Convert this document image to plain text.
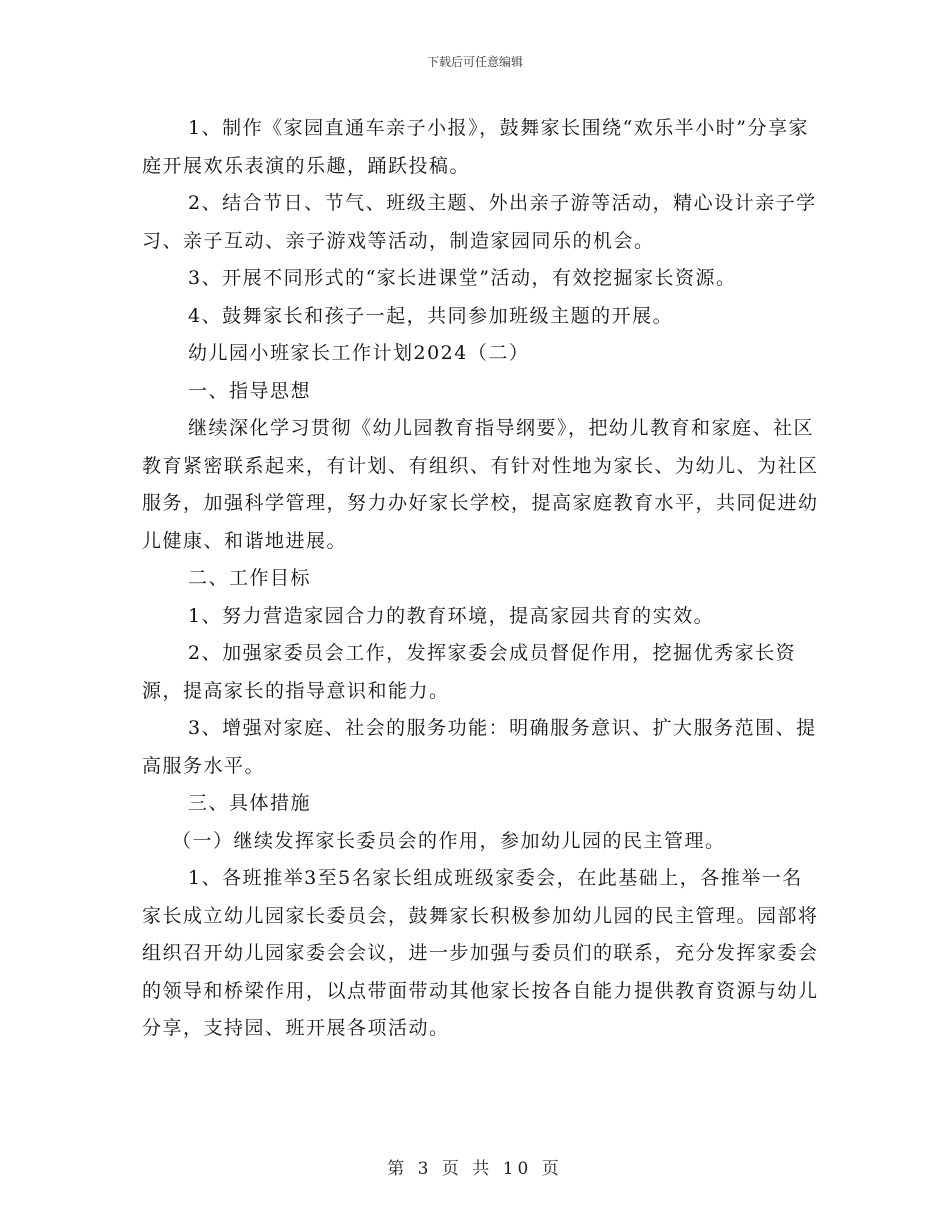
下载后可任意编辑

1、制作《家园直通车亲子小报》，鼓舞家长围绕“欢乐半小时”分享家庭开展欢乐表演的乐趣，踊跃投稿。

2、结合节日、节气、班级主题、外出亲子游等活动，精心设计亲子学习、亲子互动、亲子游戏等活动，制造家园同乐的机会。

3、开展不同形式的“家长进课堂”活动，有效挖掘家长资源。

4、鼓舞家长和孩子一起，共同参加班级主题的开展。

幼儿园小班家长工作计划2024（二）

一、指导思想

继续深化学习贯彻《幼儿园教育指导纲要》，把幼儿教育和家庭、社区教育紧密联系起来，有计划、有组织、有针对性地为家长、为幼儿、为社区服务，加强科学管理，努力办好家长学校，提高家庭教育水平，共同促进幼儿健康、和谐地进展。

二、工作目标

1、努力营造家园合力的教育环境，提高家园共育的实效。

2、加强家委员会工作，发挥家委会成员督促作用，挖掘优秀家长资源，提高家长的指导意识和能力。

3、增强对家庭、社会的服务功能：明确服务意识、扩大服务范围、提高服务水平。

三、具体措施

（一）继续发挥家长委员会的作用，参加幼儿园的民主管理。

1、各班推举3至5名家长组成班级家委会，在此基础上，各推举一名家长成立幼儿园家长委员会，鼓舞家长积极参加幼儿园的民主管理。园部将组织召开幼儿园家委会会议，进一步加强与委员们的联系，充分发挥家委会的领导和桥梁作用，以点带面带动其他家长按各自能力提供教育资源与幼儿分享，支持园、班开展各项活动。

第 3 页 共 10 页
